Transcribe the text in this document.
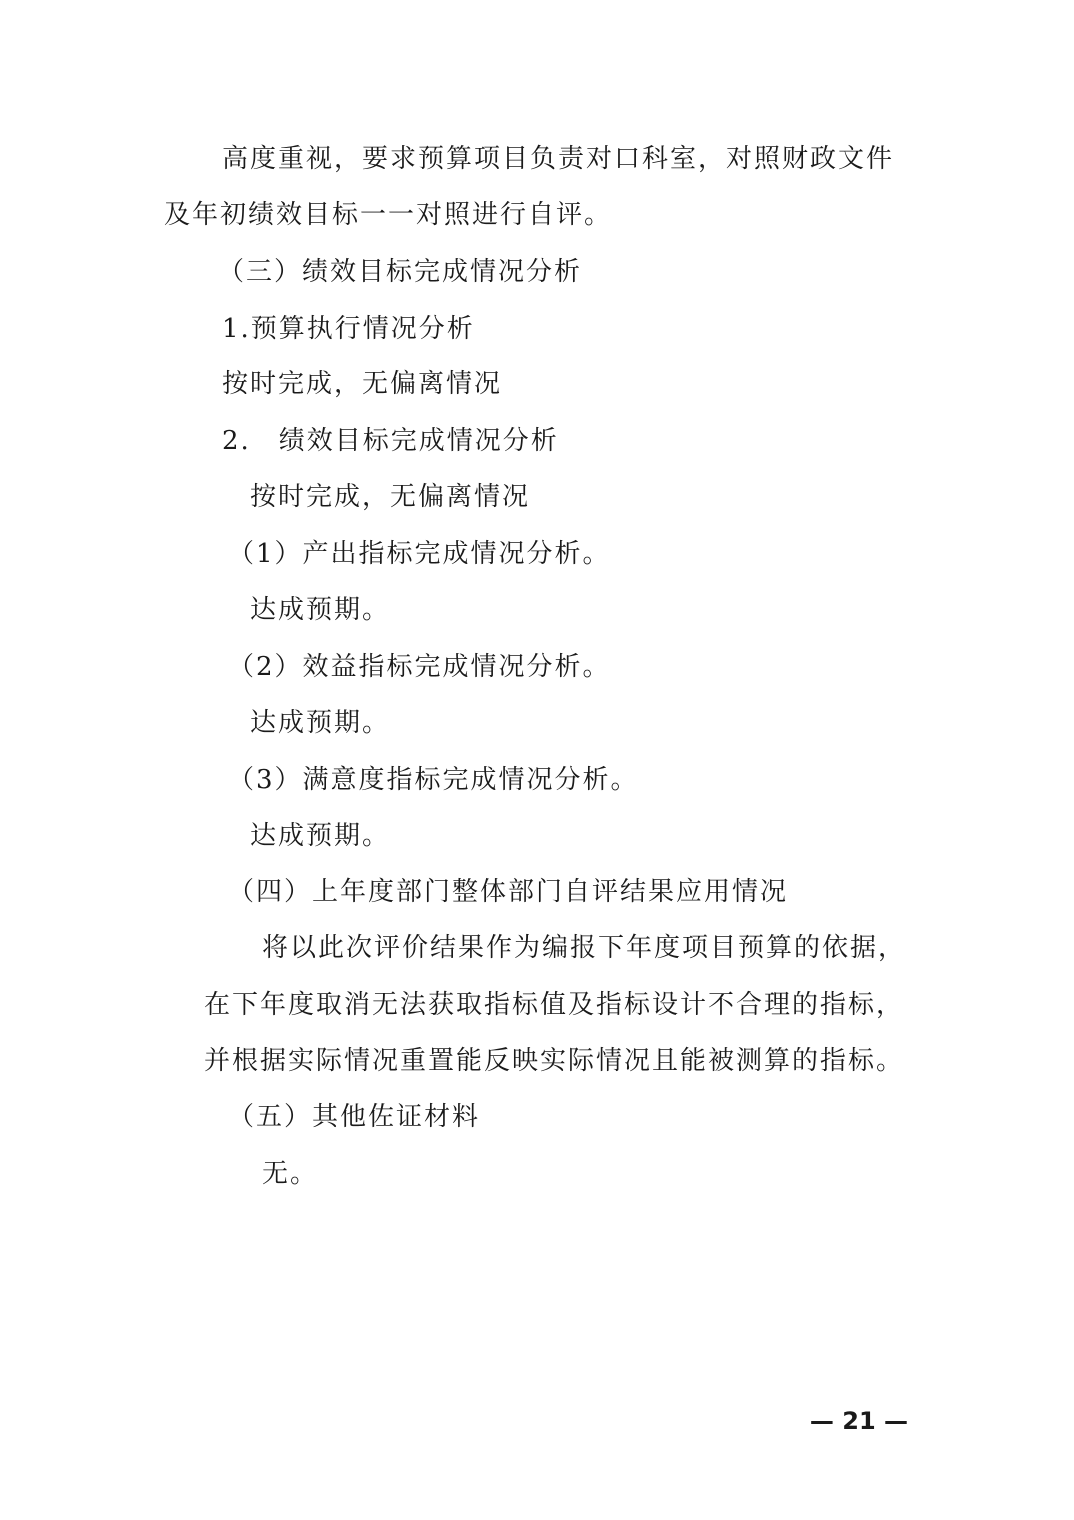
高度重视，要求预算项目负责对口科室，对照财政文件
及年初绩效目标一一对照进行自评。
（三）绩效目标完成情况分析
1.预算执行情况分析
按时完成，无偏离情况
2.　绩效目标完成情况分析
按时完成，无偏离情况
（1）产出指标完成情况分析。
达成预期。
（2）效益指标完成情况分析。
达成预期。
（3）满意度指标完成情况分析。
达成预期。
（四）上年度部门整体部门自评结果应用情况
将以此次评价结果作为编报下年度项目预算的依据，
在下年度取消无法获取指标值及指标设计不合理的指标，
并根据实际情况重置能反映实际情况且能被测算的指标。
（五）其他佐证材料
无。
— 21 —
